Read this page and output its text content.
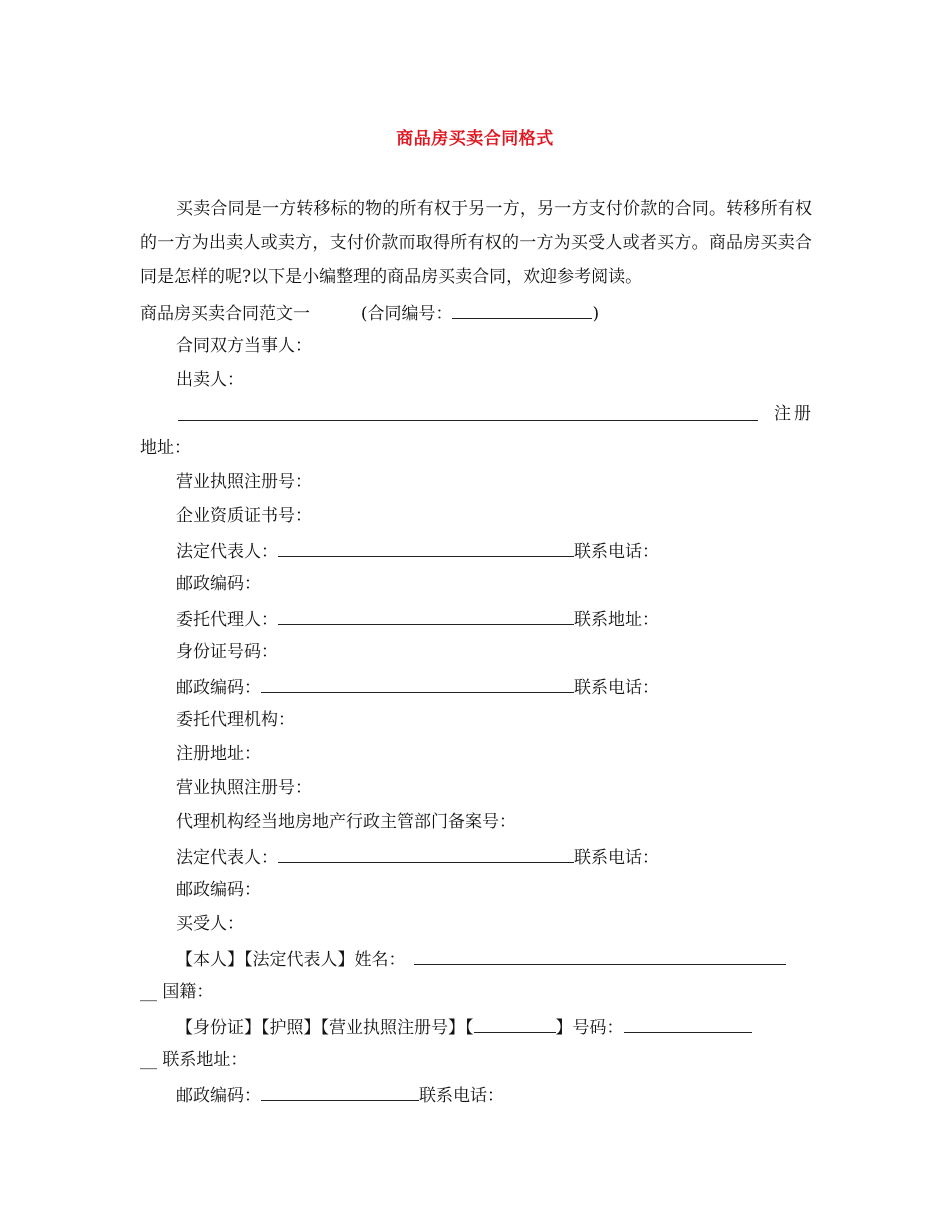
商品房买卖合同格式

买卖合同是一方转移标的物的所有权于另一方，另一方支付价款的合同。转移所有权的一方为出卖人或卖方，支付价款而取得所有权的一方为买受人或者买方。商品房买卖合同是怎样的呢?以下是小编整理的商品房买卖合同，欢迎参考阅读。

商品房买卖合同范文一	(合同编号：	)
合同双方当事人：
出卖人：
注册
地址：
营业执照注册号：
企业资质证书号：
法定代表人：	联系电话：
邮政编码：
委托代理人：	联系地址：
身份证号码：
邮政编码：	联系电话：
委托代理机构：
注册地址：
营业执照注册号：
代理机构经当地房地产行政主管部门备案号：
法定代表人：	联系电话：
邮政编码：
买受人：
【本人】【法定代表人】姓名：
__ 国籍：
【身份证】【护照】【营业执照注册号】【	】号码：
__ 联系地址：
邮政编码：	联系电话：
